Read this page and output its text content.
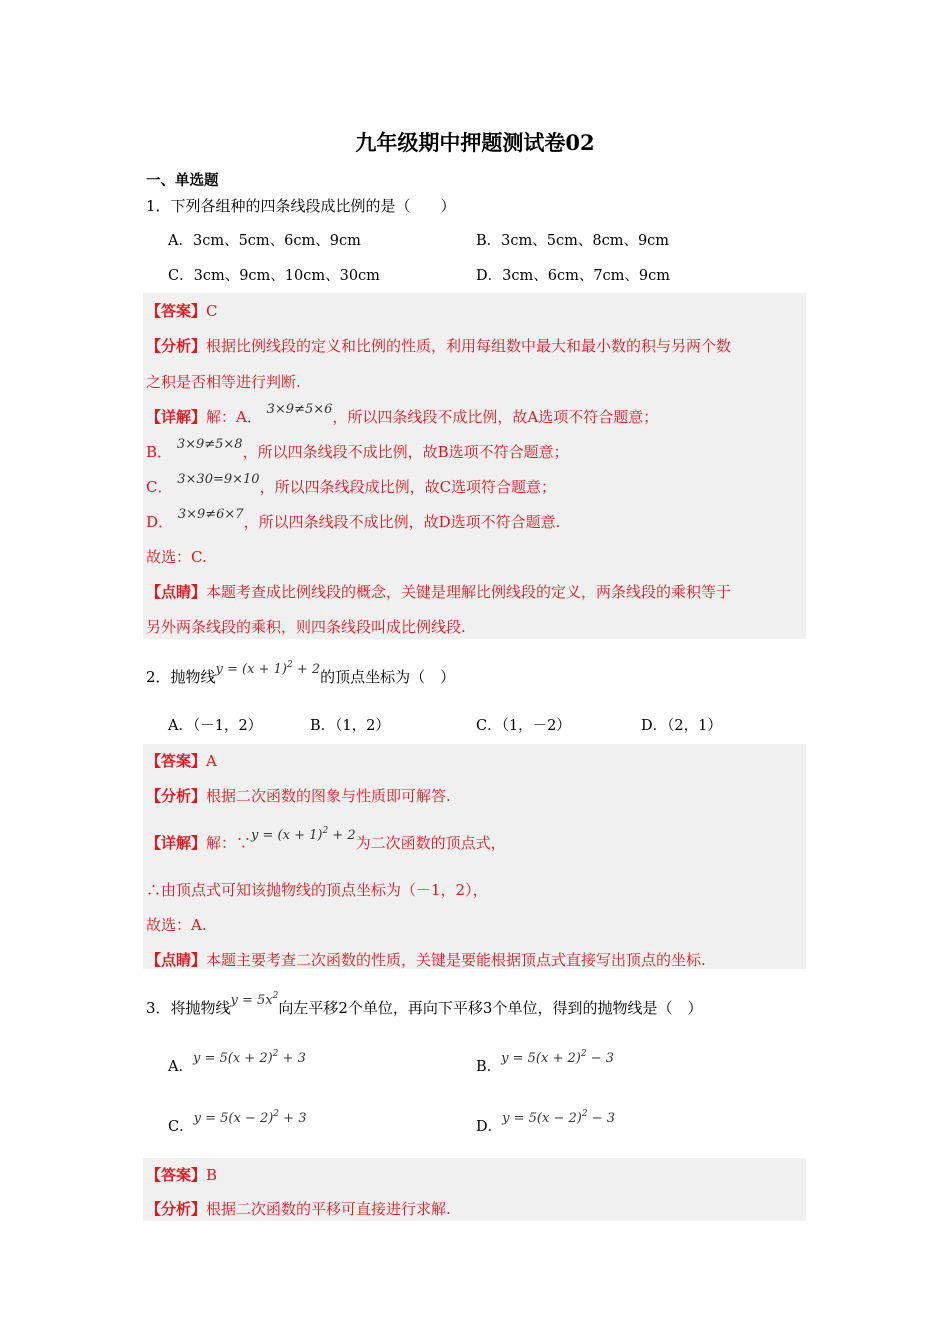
九年级期中押题测试卷02
一、单选题
1．下列各组种的四条线段成比例的是（　　）
A．3cm、5cm、6cm、9cm	B．3cm、5cm、8cm、9cm
C．3cm、9cm、10cm、30cm	D．3cm、6cm、7cm、9cm
【答案】C
【分析】根据比例线段的定义和比例的性质，利用每组数中最大和最小数的积与另两个数
之积是否相等进行判断.
【详解】解：A． 3×9≠5×6，所以四条线段不成比例，故A选项不符合题意；
B． 3×9≠5×8，所以四条线段不成比例，故B选项不符合题意；
C． 3×30=9×10，所以四条线段成比例，故C选项符合题意；
D． 3×9≠6×7，所以四条线段不成比例，故D选项不符合题意.
故选：C.
【点睛】本题考查成比例线段的概念，关键是理解比例线段的定义，两条线段的乘积等于
另外两条线段的乘积，则四条线段叫成比例线段.
2．抛物线$y = (x + 1)^2 + 2$的顶点坐标为（　）
A．（－1，2）	B．（1，2）	C．（1，－2）	D．（2，1）
【答案】A
【分析】根据二次函数的图象与性质即可解答.
【详解】解：∵y = $(x + 1)^2 + 2$为二次函数的顶点式，
∴由顶点式可知该抛物线的顶点坐标为（－1，2），
故选：A.
【点睛】本题主要考查二次函数的性质，关键是要能根据顶点式直接写出顶点的坐标.
3．将抛物线$y = 5x^2$向左平移2个单位，再向下平移3个单位，得到的抛物线是（　）
A．$y = 5(x + 2)^2 + 3$
B．$y = 5(x + 2)^2 - 3$
C．$y = 5(x - 2)^2 + 3$
D．$y = 5(x - 2)^2 - 3$
【答案】B
【分析】根据二次函数的平移可直接进行求解.
